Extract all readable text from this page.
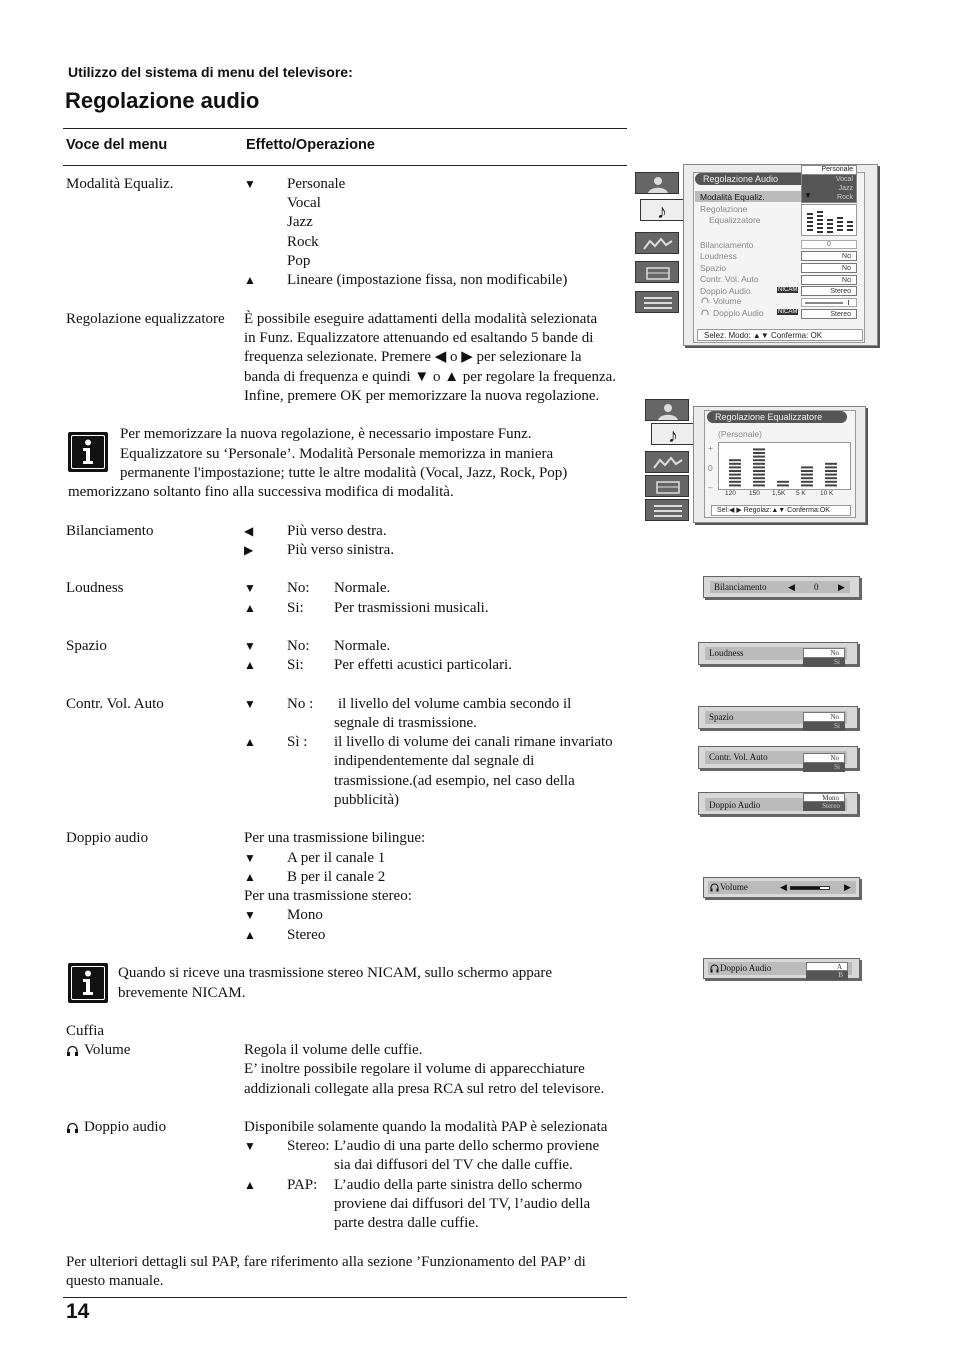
Utilizzo del sistema di menu del televisore:
Regolazione audio
Voce del menu	Effetto/Operazione
Modalità Equaliz.	▼ Personale
Vocal
Jazz
Rock
Pop
▲ Lineare (impostazione fissa, non modificabile)
Regolazione equalizzatore È possibile eseguire adattamenti della modalità selezionata
in Funz. Equalizzatore attenuando ed esaltando 5 bande di
frequenza selezionate. Premere ◀ o ▶ per selezionare la
banda di frequenza e quindi ▼ o ▲ per regolare la frequenza.
Infine, premere OK per memorizzare la nuova regolazione.
Per memorizzare la nuova regolazione, è necessario impostare Funz.
Equalizzatore su ‘Personale’. Modalità Personale memorizza in maniera
permanente l'impostazione; tutte le altre modalità (Vocal, Jazz, Rock, Pop)
memorizzano soltanto fino alla successiva modifica di modalità.
Bilanciamento	◀ Più verso destra.
▶ Più verso sinistra.
Loudness	▼ No: Normale.
▲ Si: Per trasmissioni musicali.
Spazio	▼ No: Normale.
▲ Si: Per effetti acustici particolari.
Contr. Vol. Auto	▼ No : il livello del volume cambia secondo il
segnale di trasmissione.
▲ Sì : il livello di volume dei canali rimane invariato
indipendentemente dal segnale di
trasmissione.(ad esempio, nel caso della
pubblicità)
Doppio audio	Per una trasmissione bilingue:
▼ A per il canale 1
▲ B per il canale 2
Per una trasmissione stereo:
▼ Mono
▲ Stereo
Quando si riceve una trasmissione stereo NICAM, sullo schermo appare
brevemente NICAM.
Cuffia
Volume	Regola il volume delle cuffie.
E’ inoltre possibile regolare il volume di apparecchiature
addizionali collegate alla presa RCA sul retro del televisore.
Doppio audio	Disponibile solamente quando la modalità PAP è selezionata
▼ Stereo: L’audio di una parte dello schermo proviene
sia dai diffusori del TV che dalle cuffie.
▲ PAP: L’audio della parte sinistra dello schermo
proviene dai diffusori del TV, l’audio della
parte destra dalle cuffie.
Per ulteriori dettagli sul PAP, fare riferimento alla sezione ’Funzionamento del PAP’ di
questo manuale.
14
♪
Regolazione Audio
Personale
Vocal
Jazz
Rock
Modalità Equaliz.	▼
Regolazione
Equalizzatore
Bilanciamento	0
Loudness	No
Spazio	No
Contr. Vol. Auto	No
Doppio Audio	NICAM	Stereo
Volume
Doppio Audio NICAM	Stereo
Selez. Modo: ▲▼ Conferma: OK
♪
Regolazione Equalizzatore
(Personale)
+
0
–
120 150 1,5K 5 K 10 K
Sel:◀ ▶ Regolaz:▲▼ Conferma:OK
Bilanciamento ◀ 0 ▶
Loudness	No
Si
Spazio	No
Si
Contr. Vol. Auto	No
Si
Doppio Audio
Mono
Stereo
Volume	◀	▶
Doppio Audio	A
B
